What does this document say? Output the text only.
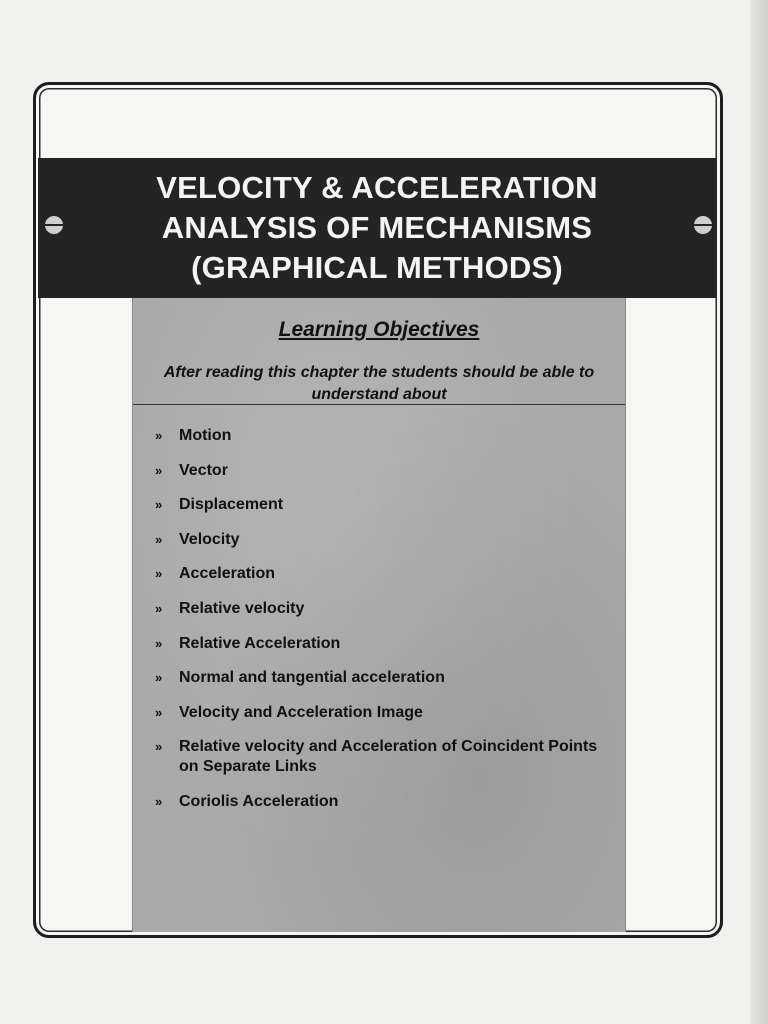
VELOCITY & ACCELERATION
ANALYSIS OF MECHANISMS
(GRAPHICAL METHODS)
Learning Objectives
After reading this chapter the students should be able to understand about
» Motion
» Vector
» Displacement
» Velocity
» Acceleration
» Relative velocity
» Relative Acceleration
» Normal and tangential acceleration
» Velocity and Acceleration Image
» Relative velocity and Acceleration of Coincident Points on Separate Links
» Coriolis Acceleration
